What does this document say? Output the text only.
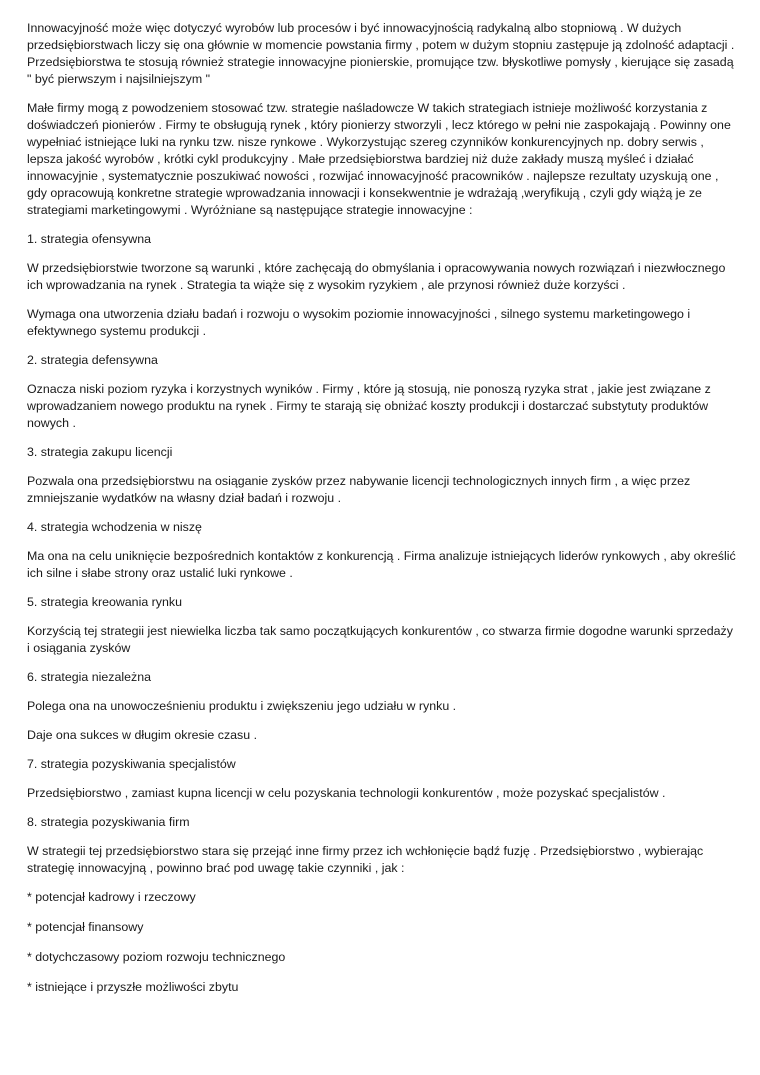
Innowacyjność może więc dotyczyć wyrobów lub procesów i być innowacyjnością radykalną albo stopniową . W dużych przedsiębiorstwach liczy się ona głównie w momencie powstania firmy , potem w dużym stopniu zastępuje ją zdolność adaptacji . Przedsiębiorstwa te stosują również strategie innowacyjne pionierskie, promujące tzw. błyskotliwe pomysły , kierujące się zasadą " być pierwszym i najsilniejszym "

Małe firmy mogą z powodzeniem stosować tzw. strategie naśladowcze W takich strategiach istnieje możliwość korzystania z doświadczeń pionierów . Firmy te obsługują rynek , który pionierzy stworzyli , lecz którego w pełni nie zaspokajają . Powinny one wypełniać istniejące luki na rynku tzw. nisze rynkowe . Wykorzystując szereg czynników konkurencyjnych np. dobry serwis , lepsza jakość wyrobów , krótki cykl produkcyjny . Małe przedsiębiorstwa bardziej niż duże zakłady muszą myśleć i działać innowacyjnie , systematycznie poszukiwać nowości , rozwijać innowacyjność pracowników . najlepsze rezultaty uzyskują one , gdy opracowują konkretne strategie wprowadzania innowacji i konsekwentnie je wdrażają ,weryfikują , czyli gdy wiążą je ze strategiami marketingowymi . Wyróżniane są następujące strategie innowacyjne :

1. strategia ofensywna

W przedsiębiorstwie tworzone są warunki , które zachęcają do obmyślania i opracowywania nowych rozwiązań i niezwłocznego ich wprowadzania na rynek . Strategia ta wiąże się z wysokim ryzykiem , ale przynosi również duże korzyści .

Wymaga ona utworzenia działu badań i rozwoju o wysokim poziomie innowacyjności , silnego systemu marketingowego i efektywnego systemu produkcji .

2. strategia defensywna

Oznacza niski poziom ryzyka i korzystnych wyników . Firmy , które ją stosują, nie ponoszą ryzyka strat , jakie jest związane z wprowadzaniem nowego produktu na rynek . Firmy te starają się obniżać koszty produkcji i dostarczać substytuty produktów nowych .

3. strategia zakupu licencji

Pozwala ona przedsiębiorstwu na osiąganie zysków przez nabywanie licencji technologicznych innych firm , a więc przez zmniejszanie wydatków na własny dział badań i rozwoju .

4. strategia wchodzenia w niszę

Ma ona na celu uniknięcie bezpośrednich kontaktów z konkurencją . Firma analizuje istniejących liderów rynkowych , aby określić ich silne i słabe strony oraz ustalić luki rynkowe .

5. strategia kreowania rynku

Korzyścią tej strategii jest niewielka liczba tak samo początkujących konkurentów , co stwarza firmie dogodne warunki sprzedaży i osiągania zysków

6. strategia niezależna

Polega ona na unowocześnieniu produktu i zwiększeniu jego udziału w rynku .

Daje ona sukces w długim okresie czasu .

7. strategia pozyskiwania specjalistów

Przedsiębiorstwo , zamiast kupna licencji w celu pozyskania technologii konkurentów , może pozyskać specjalistów .

8. strategia pozyskiwania firm

W strategii tej przedsiębiorstwo stara się przejąć inne firmy przez ich wchłonięcie bądź fuzję . Przedsiębiorstwo , wybierając strategię innowacyjną , powinno brać pod uwagę takie czynniki , jak :

* potencjał kadrowy i rzeczowy

* potencjał finansowy

* dotychczasowy poziom rozwoju technicznego

* istniejące i przyszłe możliwości zbytu
